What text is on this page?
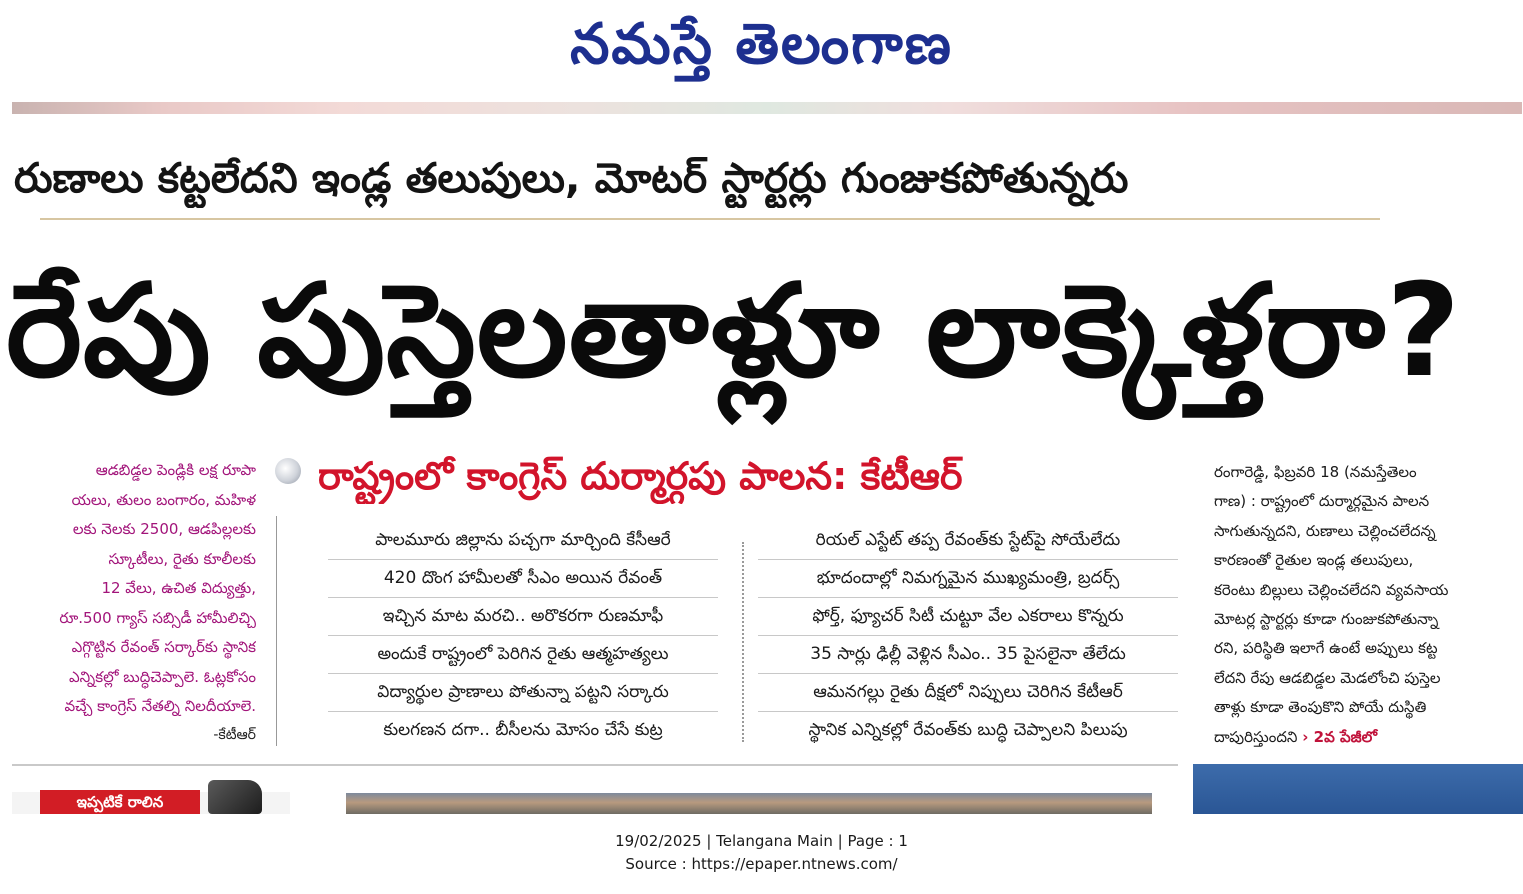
నమస్తే తెలంగాణ
రుణాలు కట్టలేదని ఇండ్ల తలుపులు, మోటర్ స్టార్టర్లు గుంజుకపోతున్నరు
రేపు పుస్తెలతాళ్లూ లాక్కెళ్తరా?
ఆడబిడ్డల పెండ్లికి లక్ష రూపా
యలు, తులం బంగారం, మహిళ
లకు నెలకు 2500, ఆడపిల్లలకు
స్కూటీలు, రైతు కూలీలకు
12 వేలు, ఉచిత విద్యుత్తు,
రూ.500 గ్యాస్ సబ్సిడీ హామీలిచ్చి
ఎగ్గొట్టిన రేవంత్ సర్కార్‌కు స్థానిక
ఎన్నికల్లో బుద్ధిచెప్పాలె. ఓట్లకోసం
వచ్చే కాంగ్రెస్ నేతల్ని నిలదీయాలె.
-కేటీఆర్
రాష్ట్రంలో కాంగ్రెస్ దుర్మార్గపు పాలన: కేటీఆర్
పాలమూరు జిల్లాను పచ్చగా మార్చింది కేసీఆరే
420 దొంగ హామీలతో సీఎం అయిన రేవంత్
ఇచ్చిన మాట మరచి.. అరొకరగా రుణమాఫీ
అందుకే రాష్ట్రంలో పెరిగిన రైతు ఆత్మహత్యలు
విద్యార్థుల ప్రాణాలు పోతున్నా పట్టని సర్కారు
కులగణన దగా.. బీసీలను మోసం చేసే కుట్ర
రియల్ ఎస్టేట్ తప్ప రేవంత్‌కు స్టేట్‌పై సోయేలేదు
భూదందాల్లో నిమగ్నమైన ముఖ్యమంత్రి, బ్రదర్స్
ఫోర్త్, ఫ్యూచర్ సిటీ చుట్టూ వేల ఎకరాలు కొన్నరు
35 సార్లు ఢిల్లీ వెళ్లిన సీఎం.. 35 పైసలైనా తేలేదు
ఆమనగల్లు రైతు దీక్షలో నిప్పులు చెరిగిన కేటీఆర్
స్థానిక ఎన్నికల్లో రేవంత్‌కు బుద్ధి చెప్పాలని పిలుపు
రంగారెడ్డి, ఫిబ్రవరి 18 (నమస్తేతెలం
గాణ) : రాష్ట్రంలో దుర్మార్గమైన పాలన
సాగుతున్నదని, రుణాలు చెల్లించలేదన్న
కారణంతో రైతుల ఇండ్ల తలుపులు,
కరెంటు బిల్లులు చెల్లించలేదని వ్యవసాయ
మోటర్ల స్టార్టర్లు కూడా గుంజుకపోతున్నా
రని, పరిస్థితి ఇలాగే ఉంటే అప్పులు కట్ట
లేదని రేపు ఆడబిడ్డల మెడలోంచి పుస్తెల
తాళ్లు కూడా తెంపుకొని పోయే దుస్థితి
దాపురిస్తుందని › 2వ పేజీలో
ఇప్పటికే రాలిన
19/02/2025 | Telangana Main | Page : 1
Source : https://epaper.ntnews.com/
